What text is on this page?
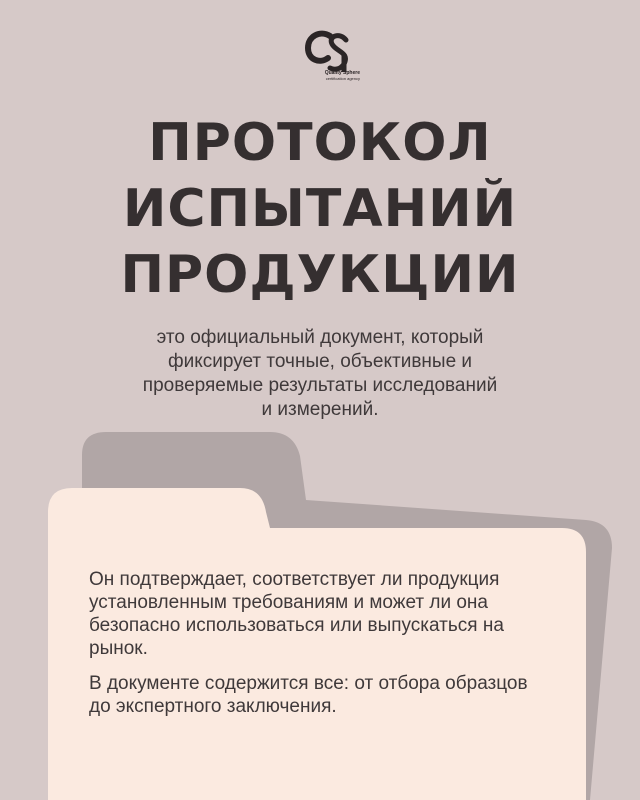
Quality Sphere
certification agency
ПРОТОКОЛ
ИСПЫТАНИЙ
ПРОДУКЦИИ
это официальный документ, который
фиксирует точные, объективные и
проверяемые результаты исследований
и измерений.

Он подтверждает, соответствует ли продукция установленным требованиям и может ли она безопасно использоваться или выпускаться на рынок.

В документе содержится все: от отбора образцов до экспертного заключения.
